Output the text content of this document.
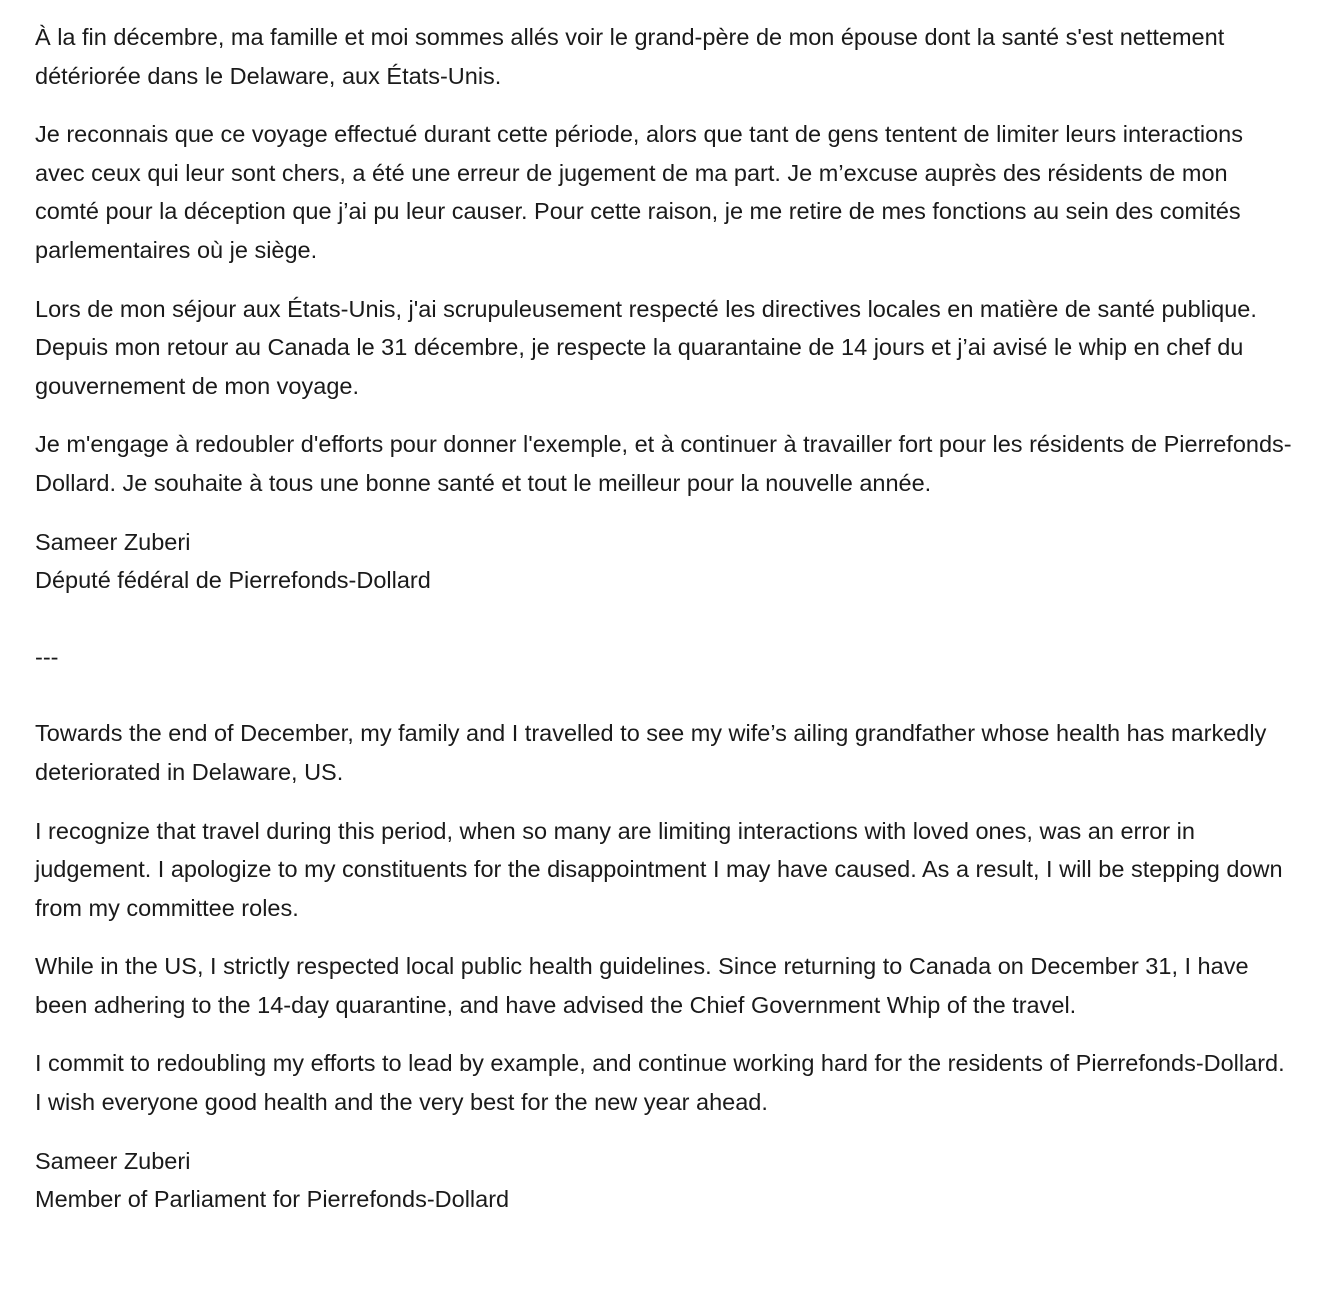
À la fin décembre, ma famille et moi sommes allés voir le grand-père de mon épouse dont la santé s'est nettement détériorée dans le Delaware, aux États-Unis.

Je reconnais que ce voyage effectué durant cette période, alors que tant de gens tentent de limiter leurs interactions avec ceux qui leur sont chers, a été une erreur de jugement de ma part. Je m’excuse auprès des résidents de mon comté pour la déception que j’ai pu leur causer. Pour cette raison, je me retire de mes fonctions au sein des comités parlementaires où je siège.

Lors de mon séjour aux États-Unis, j'ai scrupuleusement respecté les directives locales en matière de santé publique. Depuis mon retour au Canada le 31 décembre, je respecte la quarantaine de 14 jours et j’ai avisé le whip en chef du gouvernement de mon voyage.

Je m'engage à redoubler d'efforts pour donner l'exemple, et à continuer à travailler fort pour les résidents de Pierrefonds-Dollard. Je souhaite à tous une bonne santé et tout le meilleur pour la nouvelle année.

Sameer Zuberi
Député fédéral de Pierrefonds-Dollard
---

Towards the end of December, my family and I travelled to see my wife’s ailing grandfather whose health has markedly deteriorated in Delaware, US.

I recognize that travel during this period, when so many are limiting interactions with loved ones, was an error in judgement. I apologize to my constituents for the disappointment I may have caused. As a result, I will be stepping down from my committee roles.

While in the US, I strictly respected local public health guidelines. Since returning to Canada on December 31, I have been adhering to the 14-day quarantine, and have advised the Chief Government Whip of the travel.

I commit to redoubling my efforts to lead by example, and continue working hard for the residents of Pierrefonds-Dollard. I wish everyone good health and the very best for the new year ahead.

Sameer Zuberi
Member of Parliament for Pierrefonds-Dollard
